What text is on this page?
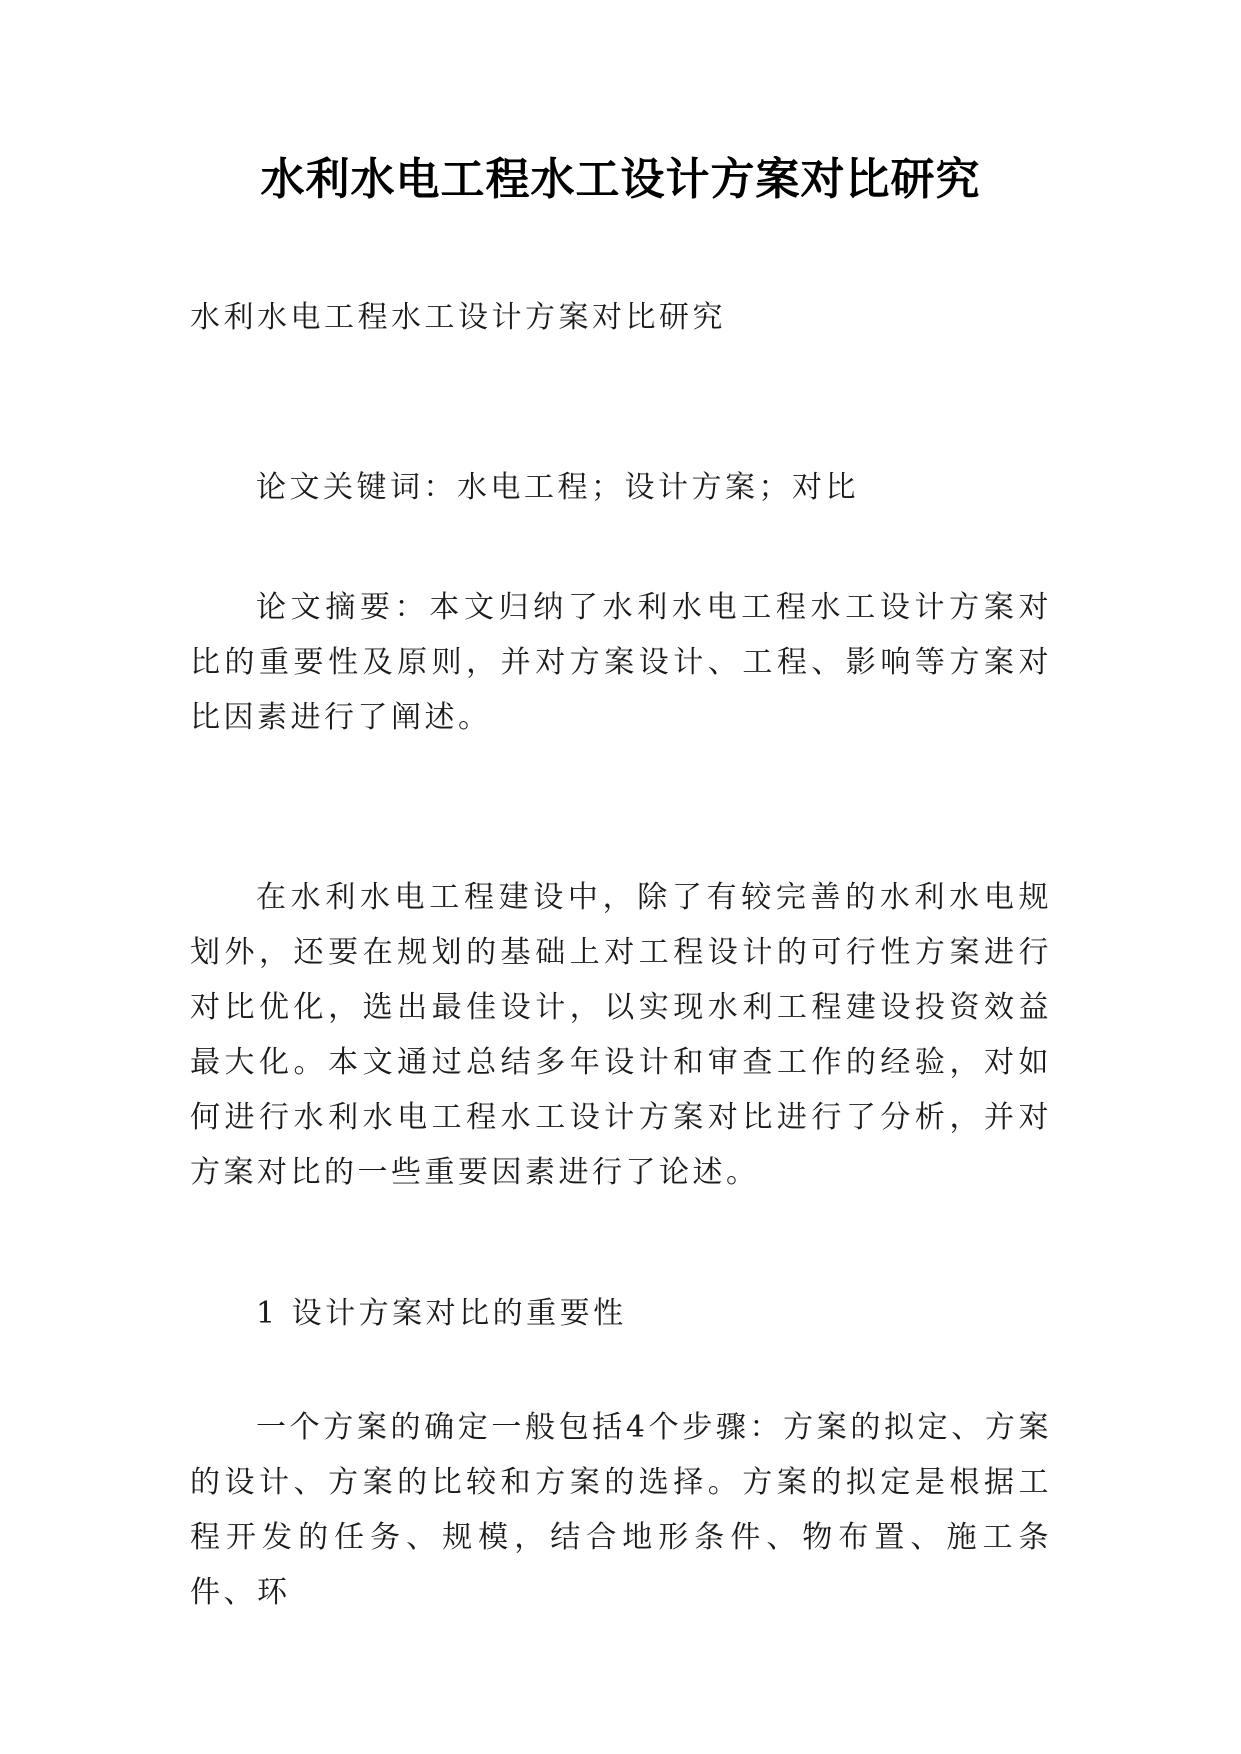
水利水电工程水工设计方案对比研究
水利水电工程水工设计方案对比研究
论文关键词：水电工程；设计方案；对比
论文摘要：本文归纳了水利水电工程水工设计方案对比的重要性及原则，并对方案设计、工程、影响等方案对比因素进行了阐述。
在水利水电工程建设中，除了有较完善的水利水电规划外，还要在规划的基础上对工程设计的可行性方案进行对比优化，选出最佳设计，以实现水利工程建设投资效益最大化。本文通过总结多年设计和审查工作的经验，对如何进行水利水电工程水工设计方案对比进行了分析，并对方案对比的一些重要因素进行了论述。
1 设计方案对比的重要性
一个方案的确定一般包括4个步骤：方案的拟定、方案的设计、方案的比较和方案的选择。方案的拟定是根据工程开发的任务、规模，结合地形条件、物布置、施工条件、环
